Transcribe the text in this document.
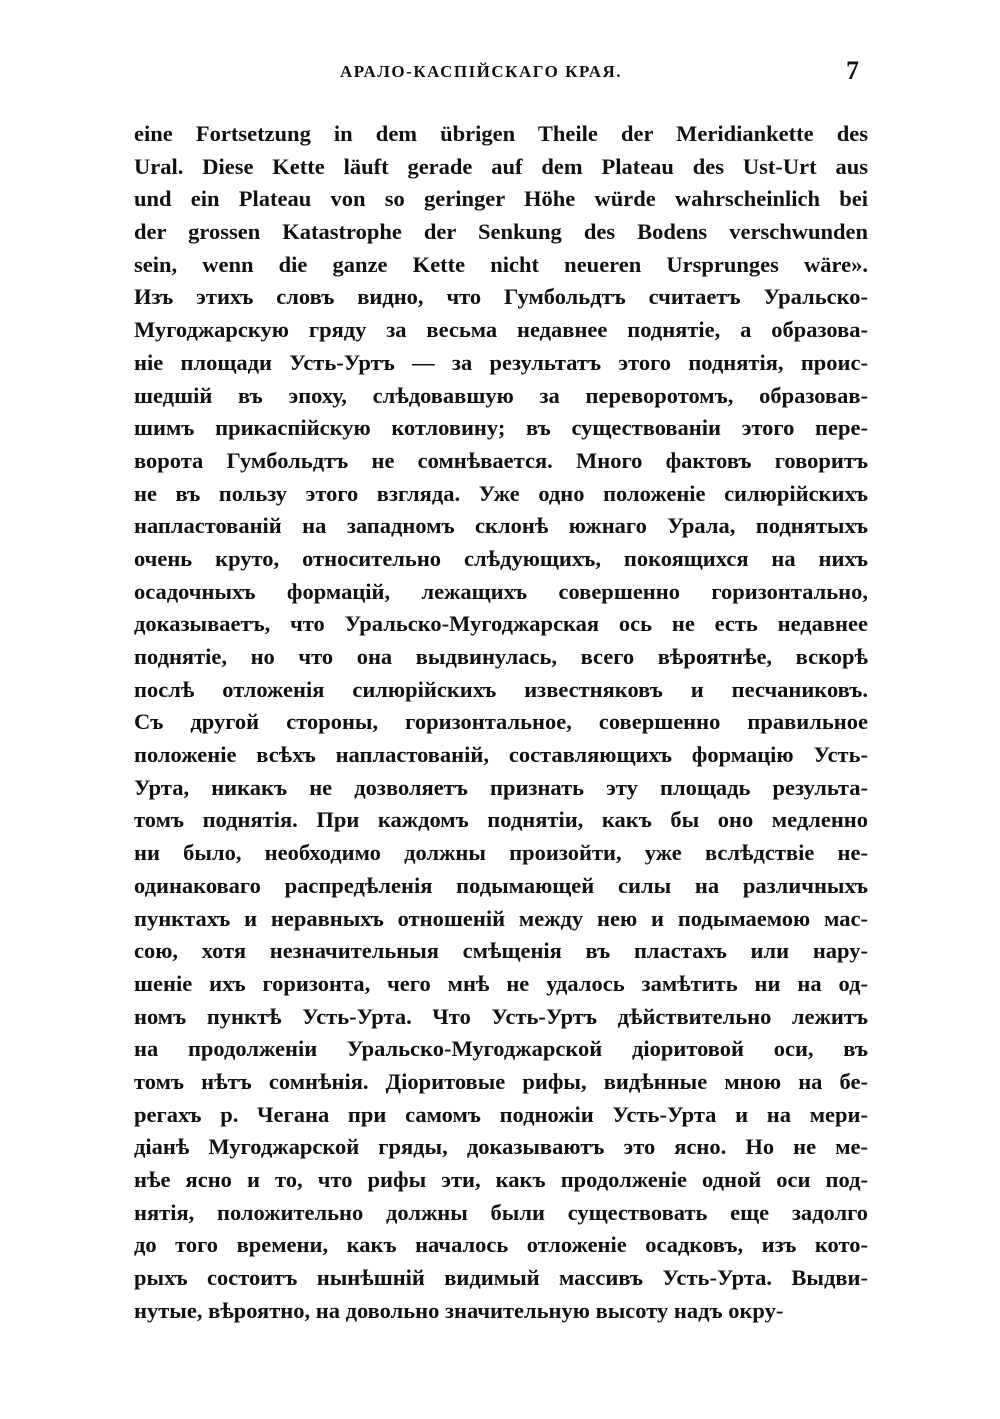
АРАЛО-КАСПІЙСКАГО КРАЯ.	7
eine Fortsetzung in dem übrigen Theile der Meridiankette des
Ural. Diese Kette läuft gerade auf dem Plateau des Ust-Urt aus
und ein Plateau von so geringer Höhe würde wahrscheinlich bei
der grossen Katastrophe der Senkung des Bodens verschwunden
sein, wenn die ganze Kette nicht neueren Ursprunges wäre».
Изъ этихъ словъ видно, что Гумбольдтъ считаетъ Уральско-
Мугоджарскую гряду за весьма недавнее поднятіе, а образова-
ніе площади Усть-Уртъ — за результатъ этого поднятія, проис-
шедшій въ эпоху, слѣдовавшую за переворотомъ, образовав-
шимъ прикаспійскую котловину; въ существованіи этого пере-
ворота Гумбольдтъ не сомнѣвается. Много фактовъ говоритъ
не въ пользу этого взгляда. Уже одно положеніе силюрійскихъ
напластованій на западномъ склонѣ южнаго Урала, поднятыхъ
очень круто, относительно слѣдующихъ, покоящихся на нихъ
осадочныхъ формацій, лежащихъ совершенно горизонтально,
доказываетъ, что Уральско-Мугоджарская ось не есть недавнее
поднятіе, но что она выдвинулась, всего вѣроятнѣе, вскорѣ
послѣ отложенія силюрійскихъ известняковъ и песчаниковъ.
Съ другой стороны, горизонтальное, совершенно правильное
положеніе всѣхъ напластованій, составляющихъ формацію Усть-
Урта, никакъ не дозволяетъ признать эту площадь результа-
томъ поднятія. При каждомъ поднятіи, какъ бы оно медленно
ни было, необходимо должны произойти, уже вслѣдствіе не-
одинаковаго распредѣленія подымающей силы на различныхъ
пунктахъ и неравныхъ отношеній между нею и подымаемою мас-
сою, хотя незначительныя смѣщенія въ пластахъ или нару-
шеніе ихъ горизонта, чего мнѣ не удалось замѣтить ни на од-
номъ пунктѣ Усть-Урта. Что Усть-Уртъ дѣйствительно лежитъ
на продолженіи Уральско-Мугоджарской діоритовой оси, въ
томъ нѣтъ сомнѣнія. Діоритовые рифы, видѣнные мною на бе-
регахъ р. Чегана при самомъ подножіи Усть-Урта и на мери-
діанѣ Мугоджарской гряды, доказываютъ это ясно. Но не ме-
нѣе ясно и то, что рифы эти, какъ продолженіе одной оси под-
нятія, положительно должны были существовать еще задолго
до того времени, какъ началось отложеніе осадковъ, изъ кото-
рыхъ состоитъ нынѣшній видимый массивъ Усть-Урта. Выдви-
нутые, вѣроятно, на довольно значительную высоту надъ окру-
